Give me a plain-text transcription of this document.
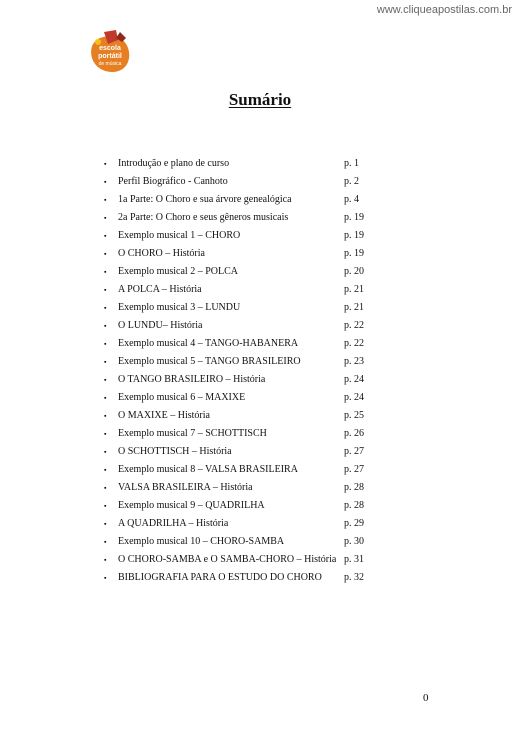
www.cliqueapostilas.com.br
escola
portátil
de música
Sumário
▪	Introdução e plano de curso	p. 1
▪	Perfil Biográfico - Canhoto	p. 2
▪	1a Parte: O Choro e sua árvore genealógica	p. 4
▪	2a Parte: O Choro e seus gêneros musicais	p. 19
▪	Exemplo musical 1 – CHORO	p. 19
▪	O CHORO – História	p. 19
▪	Exemplo musical 2 – POLCA	p. 20
▪	A POLCA – História	p. 21
▪	Exemplo musical 3 – LUNDU	p. 21
▪	O LUNDU– História	p. 22
▪	Exemplo musical 4 – TANGO-HABANERA	p. 22
▪	Exemplo musical 5 – TANGO BRASILEIRO	p. 23
▪	O TANGO BRASILEIRO – História	p. 24
▪	Exemplo musical 6 – MAXIXE	p. 24
▪	O MAXIXE – História	p. 25
▪	Exemplo musical 7 – SCHOTTISCH	p. 26
▪	O SCHOTTISCH – História	p. 27
▪	Exemplo musical 8 – VALSA BRASILEIRA	p. 27
▪	VALSA BRASILEIRA – História	p. 28
▪	Exemplo musical 9 – QUADRILHA	p. 28
▪	A QUADRILHA – História	p. 29
▪	Exemplo musical 10 – CHORO-SAMBA	p. 30
▪	O CHORO-SAMBA e O SAMBA-CHORO – História p. 31
▪	BIBLIOGRAFIA PARA O ESTUDO DO CHORO	p. 32
0
